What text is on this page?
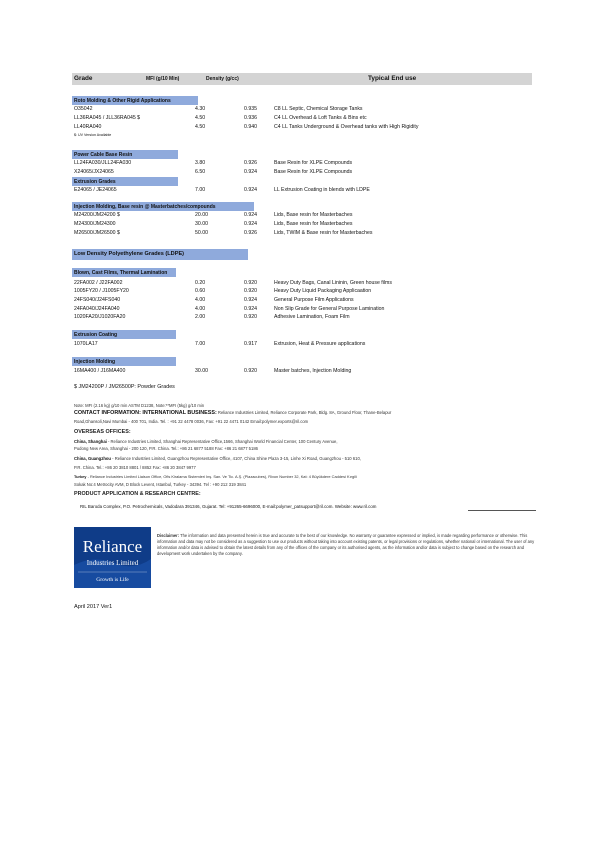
Grade	MFI (g/10 Min)	Density (g/cc)	Typical End use
Roto Molding & Other Rigid Applications
O35042	4.30	0.935	C8 LL Septic, Chemical Storage Tanks
LL36RA045 / JLL36RA045 $	4.50	0.936	C4 LL Overhead & Loft Tanks & Bins etc
LL40RA040	4.50	0.940	C4 LL Tanks Underground & Overhead tanks with High Rigidity
$: UV Version Available
Power Cable Base Resin
LL24FA030/JLL24FA030	3.80	0.926	Base Resin for XLPE Compounds
X24065/JX24065	6.50	0.924	Base Resin for XLPE Compounds
Extrusion Grades
E24065 / JE24065	7.00	0.924	LL Extrusion Coating in blends with LDPE
Injection Molding, Base resin @ Masterbatches/compounds
M24200/JM24200 $	20.00	0.924	Lids, Base resin for Masterbaches
M24300/JM24300	30.00	0.924	Lids, Base resin for Masterbaches
M26500/JM26500 $	50.00	0.926	Lids, TWIM & Base resin for Masterbaches
Low Density Polyethylene Grades (LDPE)
Blown, Cast Films, Thermal Lamination
22FA002 / J22FA002	0.20	0.920	Heavy Duty Bags, Canal Lininin, Green house films
1005FY20 / J1005FY20	0.60	0.920	Heavy Duty Liquid Packaging Applicaation
24FS040/J24FS040	4.00	0.924	General Purpose Film Applications
24FA040/J24FA040	4.00	0.924	Non Slip Grade for General Purpose Lamination
1020FA20/J1020FA20	2.00	0.920	Adhesive Lamination, Foam Film
Extrusion Coating
1070LA17	7.00	0.917	Extrusion, Heat & Pressure applications
Injection Molding
16MA400 / J16MA400	30.00	0.920	Master batches, Injection Molding
$ JM24200P / JM26500P: Powder Grades
Note: MFI (2.16 kg) g/10 min ASTM D1238, Note:**MFI (5kg) g/10 min
CONTACT INFORMATION: INTERNATIONAL BUSINESS: Reliance Industries Limited, Reliance Corporate Park, Bldg. 8A, Ground Floor, Thane-Belapur
Road,Ghansoli,Navi Mumbai - 400 701, India. Tel. : +91 22 4478 0036, Fax: +91 22 4471 0142 Email:polymer.exports@ril.com
OVERSEAS OFFICES:
China, Shanghai - Reliance Industries Limited, Shanghai Representative Office,1566, Shanghai World Financial Center, 100 Century Avenue,
Pudong New Area, Shanghai - 200 120, P.R. China. Tel.: +86 21 6877 5188 Fax: +86 21 6877 5186
China, Guangzhou - Reliance Industries Limited, Guangzhou Representative Office, 4107, China Shine Plaza 3-15, Linhe Xi Road, Guangzhou - 510 610,
P.R. China. Tel.: +86 20 3810 8801 / 8852 Fax: +86 20 3847 9977
Turkey - Reliance Industries Limited Liaison Office, Ofis Kiralama Sistemleri Inş. San. Ve Tic. A.Ş. (Plazacubes), Rixon Number 32, Kat: 4 Büyükdere Caddesi Kırgili
Sokak No:4 Metrocity AVM, D Block Levent, Istanbul, Turkey - 34394. Tel : +90 212 319 3841
PRODUCT APPLICATION & RESEARCH CENTRE:
RIL Baroda Complex, P.O. Petrochemicals, Vadodara 391346, Gujarat. Tel: +91265-6696000, E-mail:polymer_patsupport@ril.com. Website: www.ril.com
Reliance
Industries Limited
Growth is Life
Disclaimer: The information and data presented herein is true and accurate to the best of our knowledge. No warranty or guarantee expressed or implied, is made regarding performance or otherwise. This information and data may not be considered as a suggestion to use our products without taking into account existing patents, or legal provisions or regulations, whether national or international. The user of any information and/or data is advised to obtain the latest details from any of the offices of the company or its authorised agents, as the information and/or data is subject to change based on the research and development work undertaken by the company.
April 2017 Ver1
